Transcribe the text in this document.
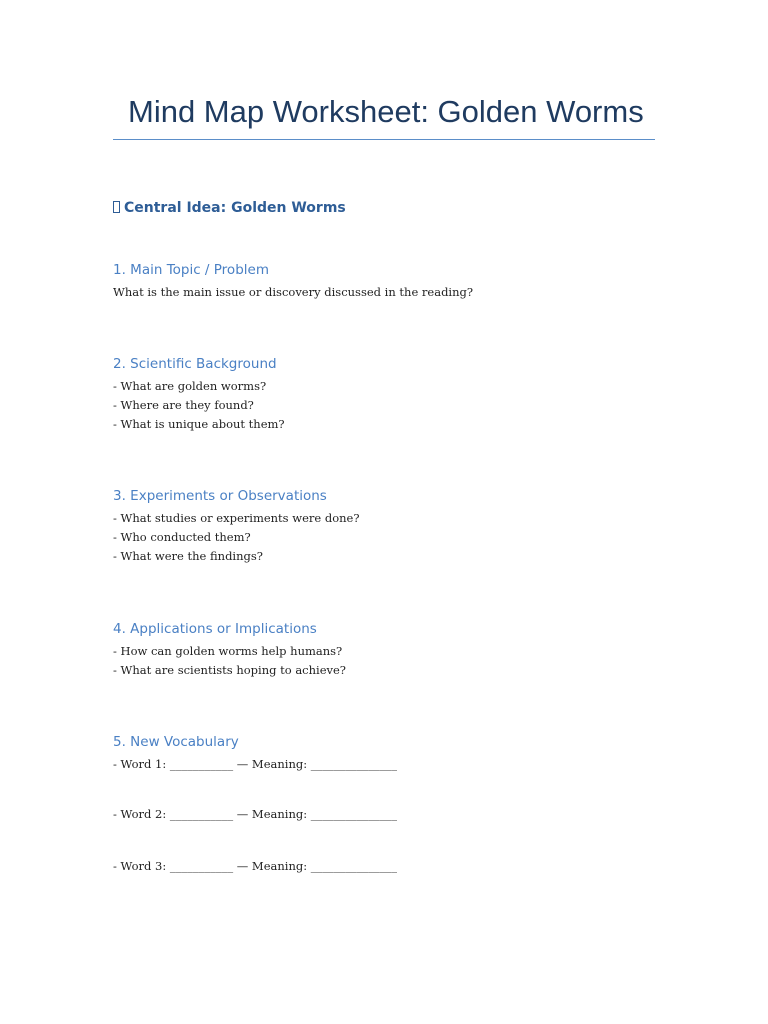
Mind Map Worksheet: Golden Worms
Central Idea: Golden Worms
1. Main Topic / Problem
What is the main issue or discovery discussed in the reading?
2. Scientific Background
- What are golden worms?
- Where are they found?
- What is unique about them?
3. Experiments or Observations
- What studies or experiments were done?
- Who conducted them?
- What were the findings?
4. Applications or Implications
- How can golden worms help humans?
- What are scientists hoping to achieve?
5. New Vocabulary

- Word 1: ___________ — Meaning: _______________

- Word 2: ___________ — Meaning: _______________

- Word 3: ___________ — Meaning: _______________
